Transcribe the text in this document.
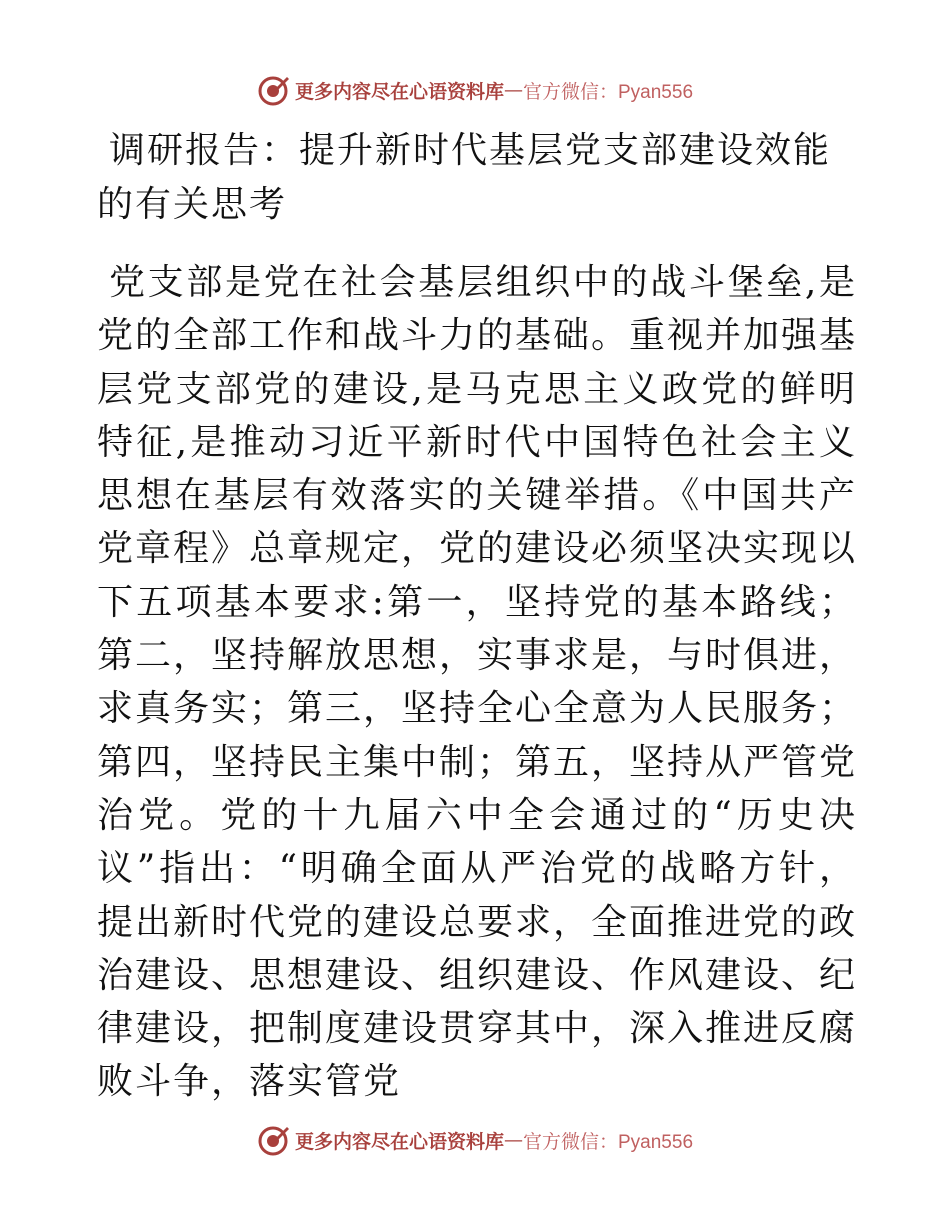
更多内容尽在心语资料库 — 官方微信：Pyan556
调研报告：提升新时代基层党支部建设效能的有关思考

党支部是党在社会基层组织中的战斗堡垒,是党的全部工作和战斗力的基础。重视并加强基层党支部党的建设,是马克思主义政党的鲜明特征,是推动习近平新时代中国特色社会主义思想在基层有效落实的关键举措。《中国共产党章程》总章规定，党的建设必须坚决实现以下五项基本要求:第一，坚持党的基本路线；第二，坚持解放思想，实事求是，与时俱进，求真务实；第三，坚持全心全意为人民服务；第四，坚持民主集中制；第五，坚持从严管党治党。党的十九届六中全会通过的“历史决议”指出：“明确全面从严治党的战略方针，提出新时代党的建设总要求，全面推进党的政治建设、思想建设、组织建设、作风建设、纪律建设，把制度建设贯穿其中，深入推进反腐败斗争，落实管党

更多内容尽在心语资料库 — 官方微信：Pyan556
